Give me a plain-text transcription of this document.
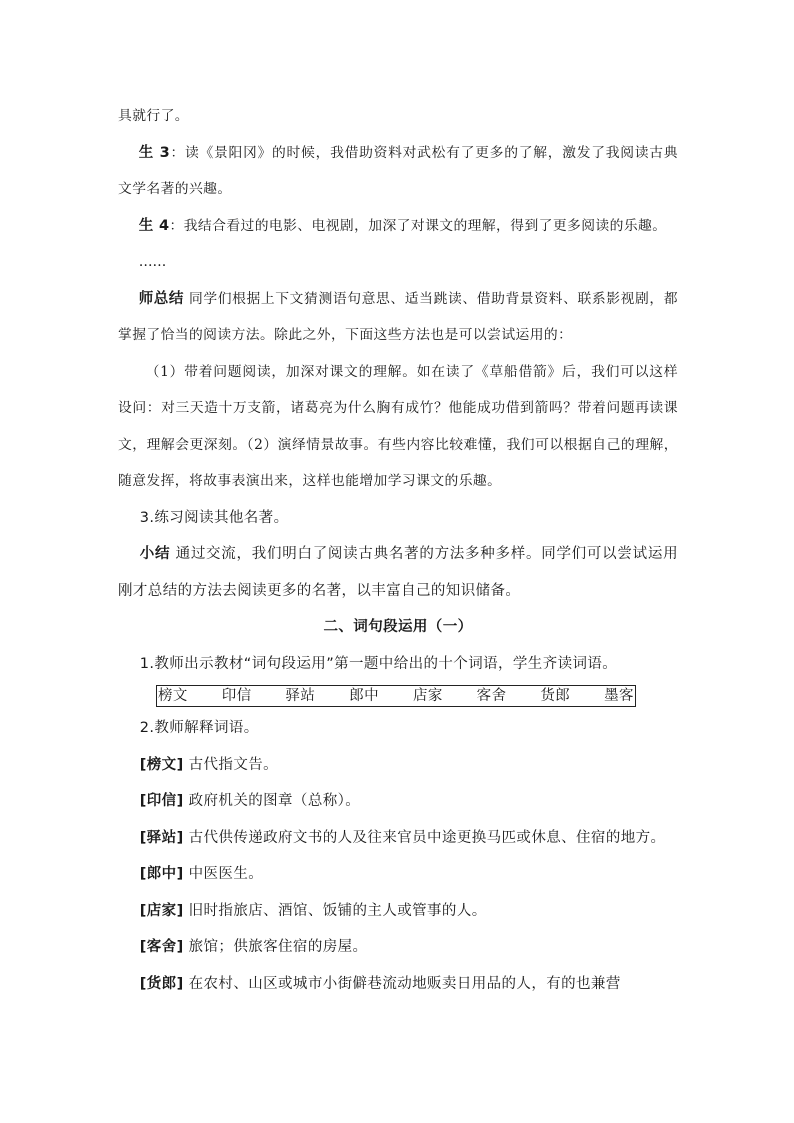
具就行了。

生 3：读《景阳冈》的时候，我借助资料对武松有了更多的了解，激发了我阅读古典文学名著的兴趣。

生 4：我结合看过的电影、电视剧，加深了对课文的理解，得到了更多阅读的乐趣。

……

师总结 同学们根据上下文猜测语句意思、适当跳读、借助背景资料、联系影视剧，都掌握了恰当的阅读方法。除此之外，下面这些方法也是可以尝试运用的：

（1）带着问题阅读，加深对课文的理解。如在读了《草船借箭》后，我们可以这样设问：对三天造十万支箭，诸葛亮为什么胸有成竹？他能成功借到箭吗？带着问题再读课文，理解会更深刻。（2）演绎情景故事。有些内容比较难懂，我们可以根据自己的理解，随意发挥，将故事表演出来，这样也能增加学习课文的乐趣。

3.练习阅读其他名著。

小结 通过交流，我们明白了阅读古典名著的方法多种多样。同学们可以尝试运用刚才总结的方法去阅读更多的名著，以丰富自己的知识储备。

二、词句段运用（一）

1.教师出示教材“词句段运用”第一题中给出的十个词语，学生齐读词语。

榜文 印信 驿站 郎中 店家 客舍 货郎 墨客

2.教师解释词语。

[榜文] 古代指文告。

[印信] 政府机关的图章（总称）。

[驿站] 古代供传递政府文书的人及往来官员中途更换马匹或休息、住宿的地方。

[郎中] 中医医生。

[店家] 旧时指旅店、酒馆、饭铺的主人或管事的人。

[客舍] 旅馆；供旅客住宿的房屋。

[货郎] 在农村、山区或城市小街僻巷流动地贩卖日用品的人，有的也兼营
